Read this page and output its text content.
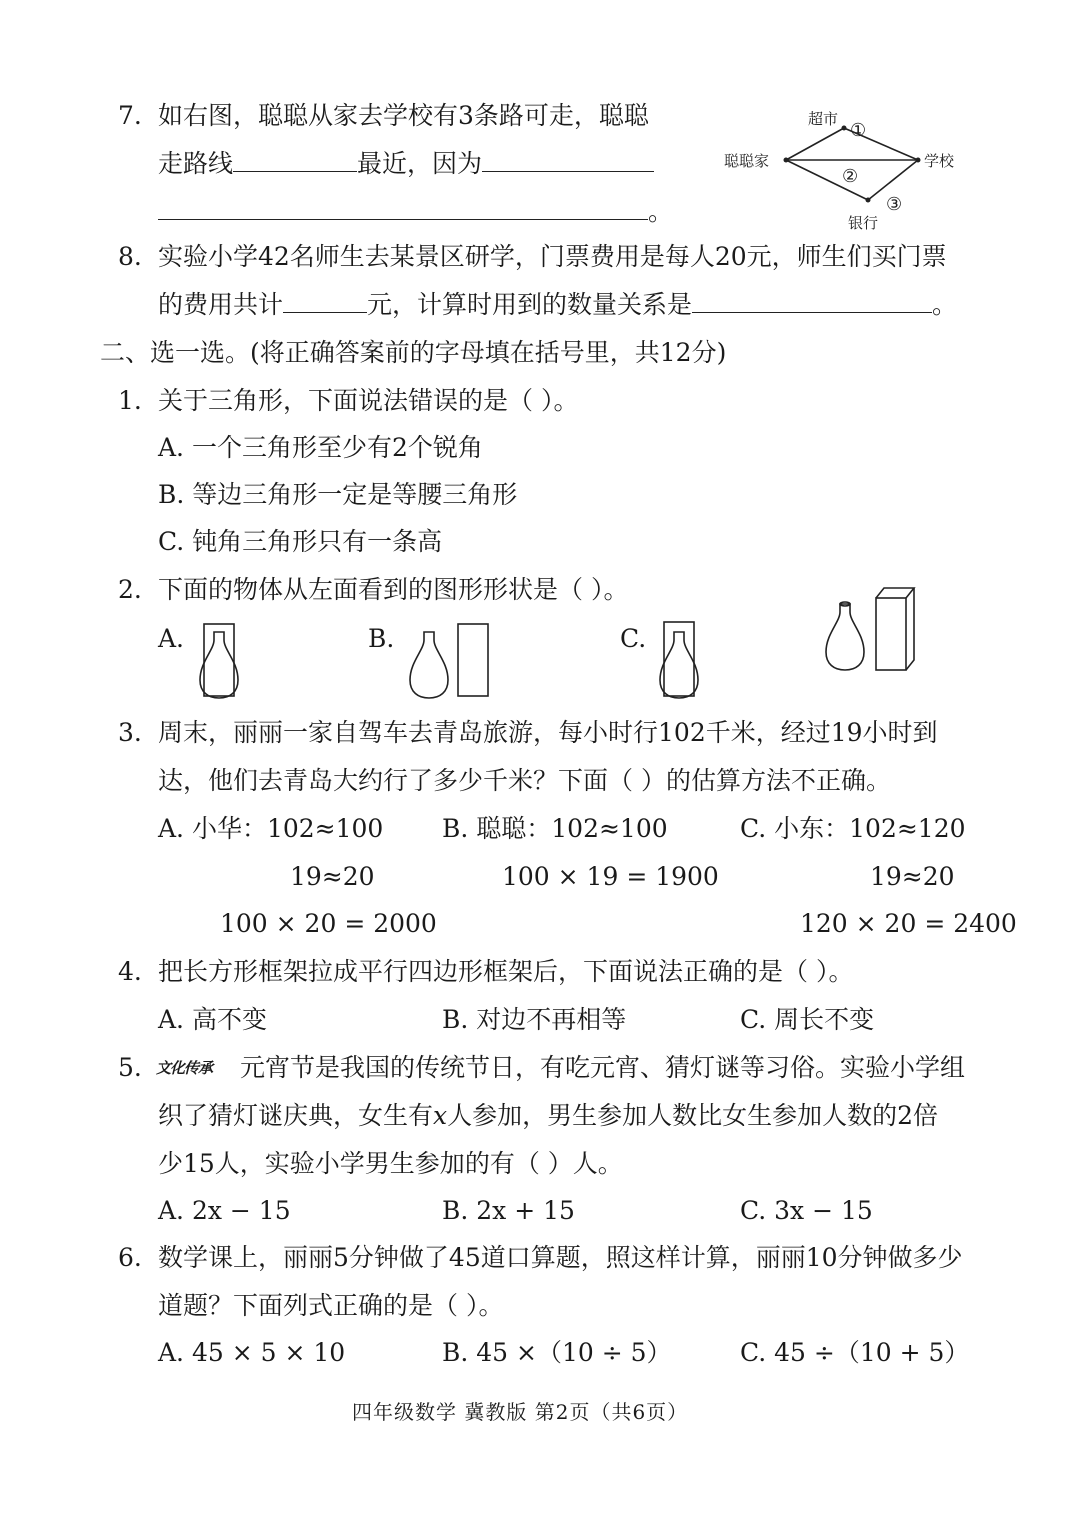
7. 如右图，聪聪从家去学校有3条路可走，聪聪
走路线	最近，因为
。
超市
①
聪聪家
②
学校
③
银行
8. 实验小学42名师生去某景区研学，门票费用是每人20元，师生们买门票
的费用共计	元，计算时用到的数量关系是	。
二、选一选。(将正确答案前的字母填在括号里，共12分)
1. 关于三角形，下面说法错误的是（ ）。
A. 一个三角形至少有2个锐角
B. 等边三角形一定是等腰三角形
C. 钝角三角形只有一条高
2. 下面的物体从左面看到的图形形状是（ ）。
A.	B.	C.
3. 周末，丽丽一家自驾车去青岛旅游，每小时行102千米，经过19小时到
达，他们去青岛大约行了多少千米？下面（ ）的估算方法不正确。
A. 小华：102≈100
19≈20
100 × 20 = 2000
B. 聪聪：102≈100
100 × 19 = 1900
C. 小东：102≈120
19≈20
120 × 20 = 2400
4. 把长方形框架拉成平行四边形框架后，下面说法正确的是（ ）。
A. 高不变	B. 对边不再相等	C. 周长不变
5. 文化传承 元宵节是我国的传统节日，有吃元宵、猜灯谜等习俗。实验小学组
织了猜灯谜庆典，女生有x人参加，男生参加人数比女生参加人数的2倍
少15人，实验小学男生参加的有（ ）人。
A. 2x − 15	B. 2x + 15	C. 3x − 15
6. 数学课上，丽丽5分钟做了45道口算题，照这样计算，丽丽10分钟做多少
道题？下面列式正确的是（ ）。
A. 45 × 5 × 10	B. 45 ×（10 ÷ 5）	C. 45 ÷（10 + 5）
四年级数学 冀教版 第2页（共6页）
